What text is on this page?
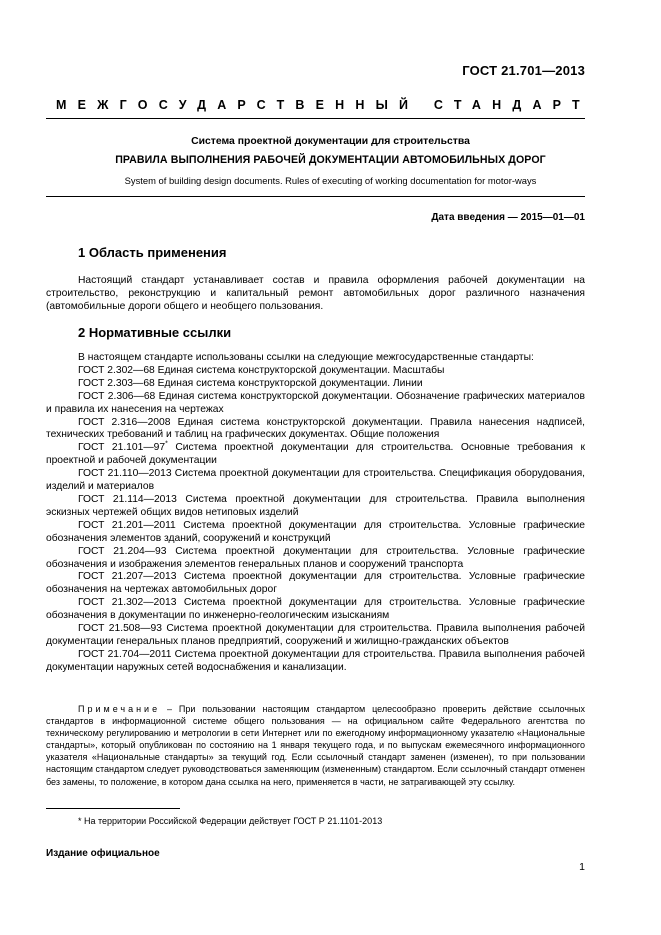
ГОСТ 21.701—2013
МЕЖГОСУДАРСТВЕННЫЙ СТАНДАРТ
Система проектной документации для строительства
ПРАВИЛА ВЫПОЛНЕНИЯ РАБОЧЕЙ ДОКУМЕНТАЦИИ АВТОМОБИЛЬНЫХ ДОРОГ
System of building design documents. Rules of executing of working documentation for motor-ways
Дата введения — 2015—01—01
1 Область применения

Настоящий стандарт устанавливает состав и правила оформления рабочей документации на строительство, реконструкцию и капитальный ремонт автомобильных дорог различного назначения (автомобильные дороги общего и необщего пользования.

2 Нормативные ссылки

В настоящем стандарте использованы ссылки на следующие межгосударственные стандарты:

ГОСТ 2.302—68 Единая система конструкторской документации. Масштабы

ГОСТ 2.303—68 Единая система конструкторской документации. Линии

ГОСТ 2.306—68 Единая система конструкторской документации. Обозначение графических материалов и правила их нанесения на чертежах

ГОСТ 2.316—2008 Единая система конструкторской документации. Правила нанесения надписей, технических требований и таблиц на графических документах. Общие положения

ГОСТ 21.101—97* Система проектной документации для строительства. Основные требования к проектной и рабочей документации

ГОСТ 21.110—2013 Система проектной документации для строительства. Спецификация оборудования, изделий и материалов

ГОСТ 21.114—2013 Система проектной документации для строительства. Правила выполнения эскизных чертежей общих видов нетиповых изделий

ГОСТ 21.201—2011 Система проектной документации для строительства. Условные графические обозначения элементов зданий, сооружений и конструкций

ГОСТ 21.204—93 Система проектной документации для строительства. Условные графические обозначения и изображения элементов генеральных планов и сооружений транспорта

ГОСТ 21.207—2013 Система проектной документации для строительства. Условные графические обозначения на чертежах автомобильных дорог

ГОСТ 21.302—2013 Система проектной документации для строительства. Условные графические обозначения в документации по инженерно-геологическим изысканиям

ГОСТ 21.508—93 Система проектной документации для строительства. Правила выполнения рабочей документации генеральных планов предприятий, сооружений и жилищно-гражданских объектов

ГОСТ 21.704—2011 Система проектной документации для строительства. Правила выполнения рабочей документации наружных сетей водоснабжения и канализации.

Примечание – При пользовании настоящим стандартом целесообразно проверить действие ссылочных стандартов в информационной системе общего пользования — на официальном сайте Федерального агентства по техническому регулированию и метрологии в сети Интернет или по ежегодному информационному указателю «Национальные стандарты», который опубликован по состоянию на 1 января текущего года, и по выпускам ежемесячного информационного указателя «Национальные стандарты» за текущий год. Если ссылочный стандарт заменен (изменен), то при пользовании настоящим стандартом следует руководствоваться заменяющим (измененным) стандартом. Если ссылочный стандарт отменен без замены, то положение, в котором дана ссылка на него, применяется в части, не затрагивающей эту ссылку.

* На территории Российской Федерации действует ГОСТ Р 21.1101-2013
Издание официальное
1
